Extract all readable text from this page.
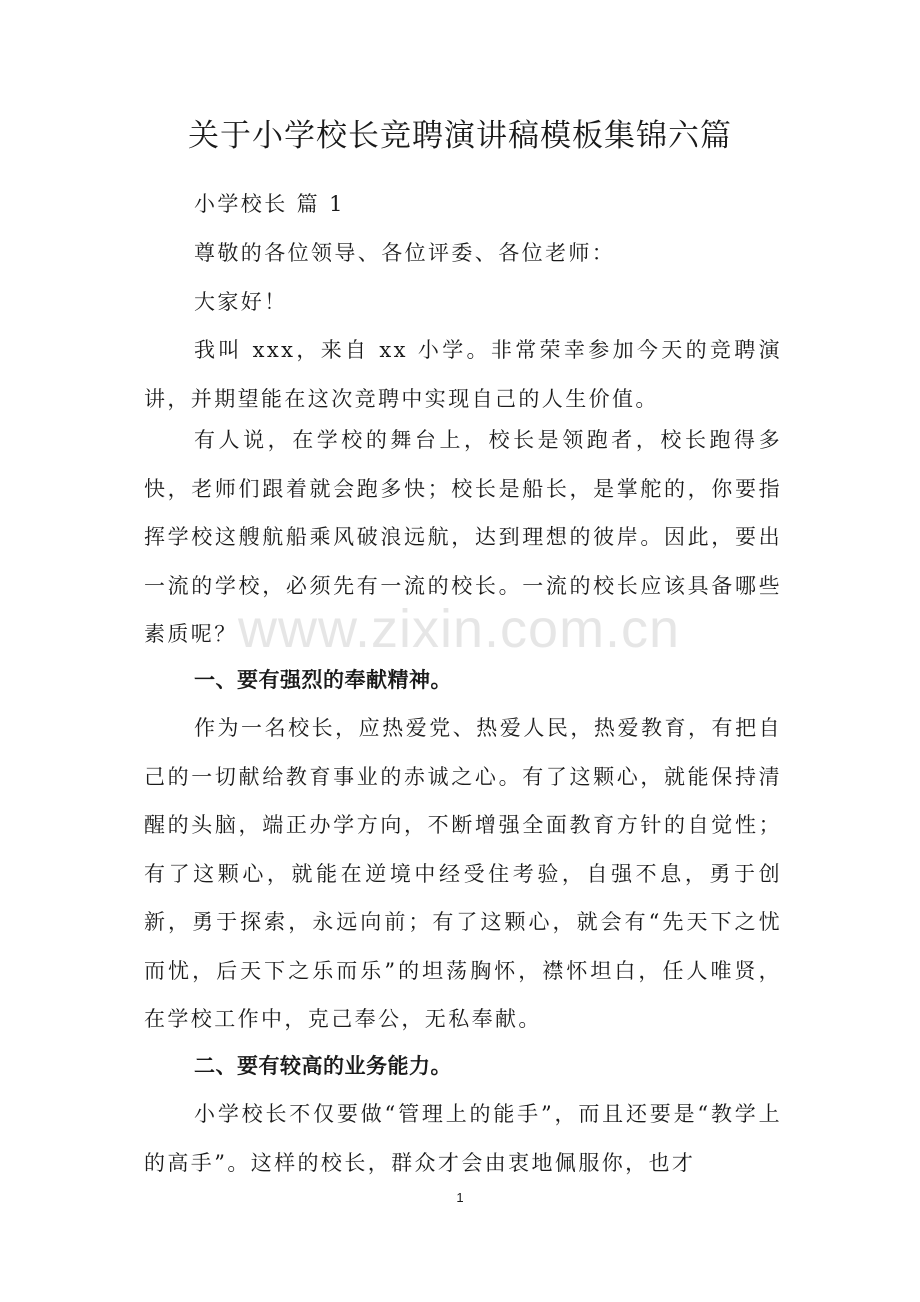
关于小学校长竞聘演讲稿模板集锦六篇

小学校长 篇 1

尊敬的各位领导、各位评委、各位老师：

大家好！

我叫 xxx，来自 xx 小学。非常荣幸参加今天的竞聘演讲，并期望能在这次竞聘中实现自己的人生价值。

有人说，在学校的舞台上，校长是领跑者，校长跑得多快，老师们跟着就会跑多快；校长是船长，是掌舵的，你要指挥学校这艘航船乘风破浪远航，达到理想的彼岸。因此，要出一流的学校，必须先有一流的校长。一流的校长应该具备哪些素质呢？

一、要有强烈的奉献精神。

作为一名校长，应热爱党、热爱人民，热爱教育，有把自己的一切献给教育事业的赤诚之心。有了这颗心，就能保持清醒的头脑，端正办学方向，不断增强全面教育方针的自觉性；有了这颗心，就能在逆境中经受住考验，自强不息，勇于创新，勇于探索，永远向前；有了这颗心，就会有“先天下之忧而忧，后天下之乐而乐”的坦荡胸怀，襟怀坦白，任人唯贤，在学校工作中，克己奉公，无私奉献。

二、要有较高的业务能力。

小学校长不仅要做“管理上的能手”，而且还要是“教学上的高手”。这样的校长，群众才会由衷地佩服你，也才

www.zixin.com.cn

1
